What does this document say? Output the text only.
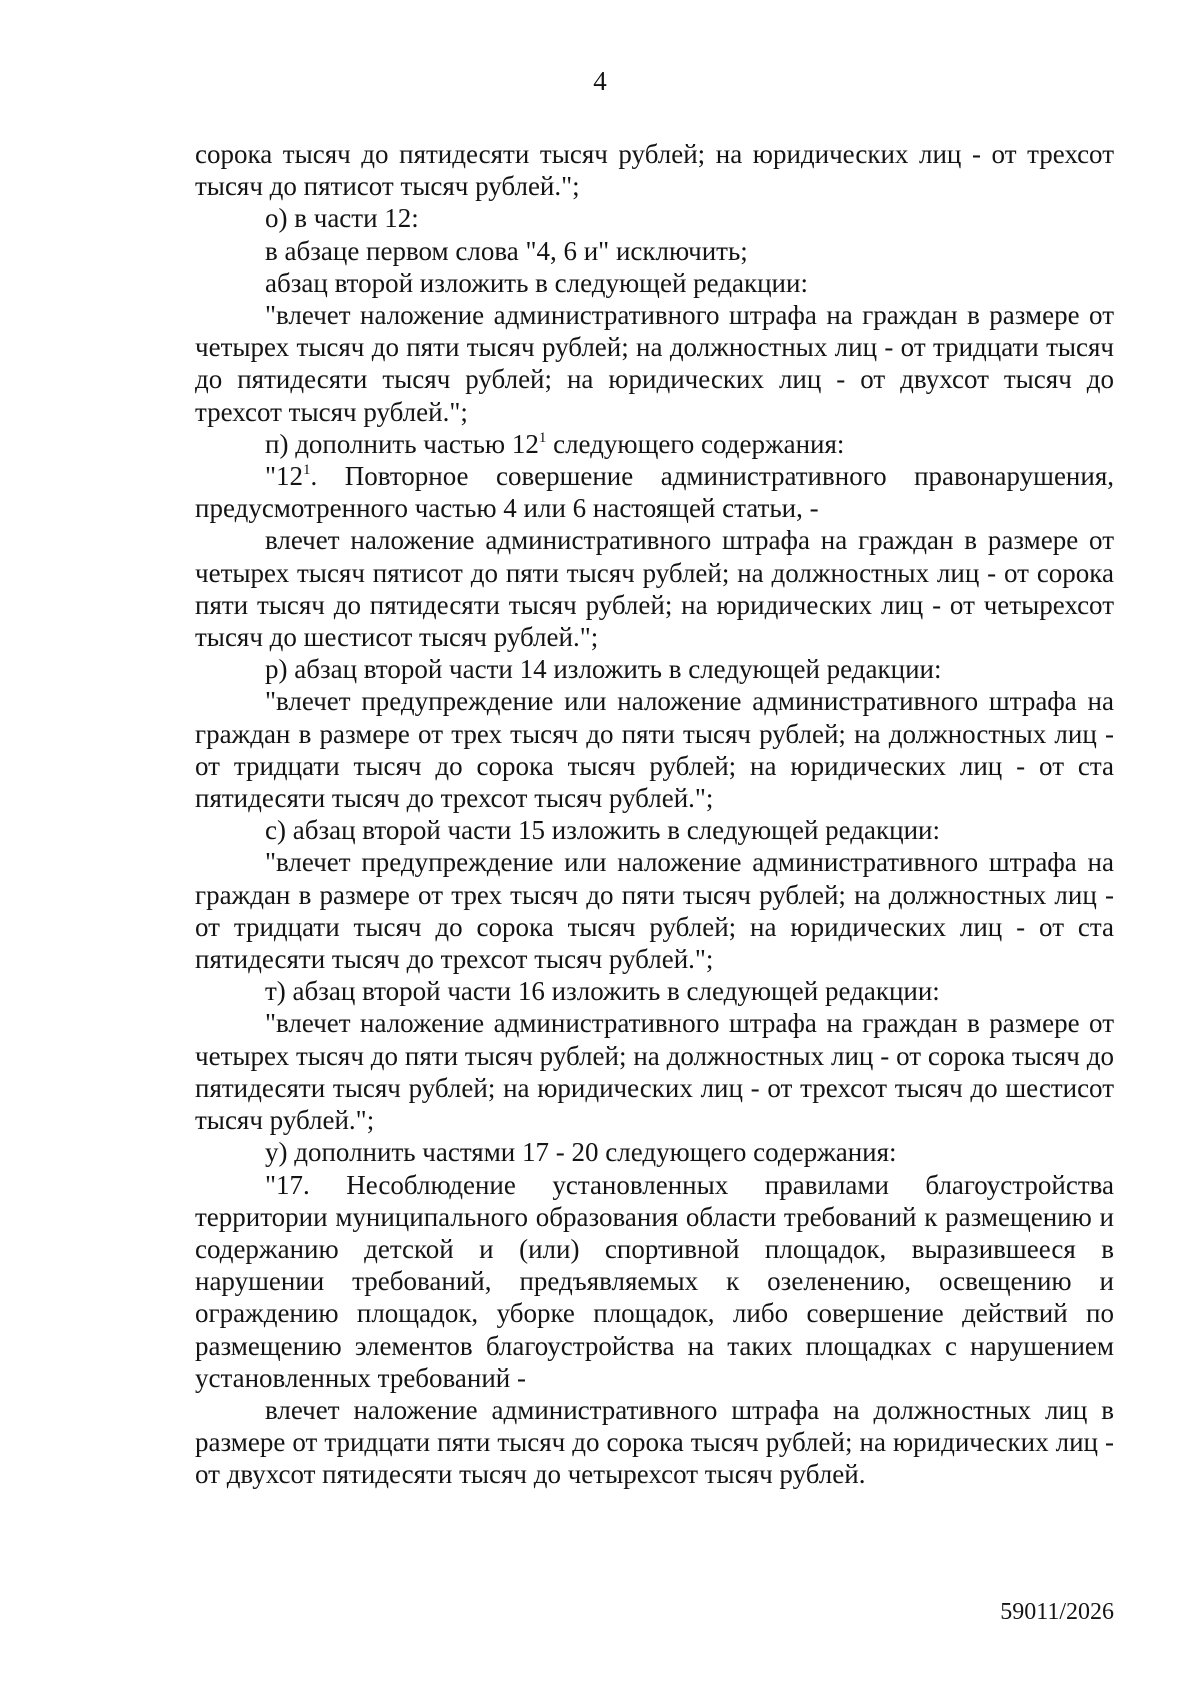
4

сорока тысяч до пятидесяти тысяч рублей; на юридических лиц - от трехсот тысяч до пятисот тысяч рублей.";

о) в части 12:

в абзаце первом слова "4, 6 и" исключить;

абзац второй изложить в следующей редакции:

"влечет наложение административного штрафа на граждан в размере от четырех тысяч до пяти тысяч рублей; на должностных лиц - от тридцати тысяч до пятидесяти тысяч рублей; на юридических лиц - от двухсот тысяч до трехсот тысяч рублей.";

п) дополнить частью $12^1$ следующего содержания:

"$12^1$. Повторное совершение административного правонарушения, предусмотренного частью 4 или 6 настоящей статьи, -

влечет наложение административного штрафа на граждан в размере от четырех тысяч пятисот до пяти тысяч рублей; на должностных лиц - от сорока пяти тысяч до пятидесяти тысяч рублей; на юридических лиц - от четырехсот тысяч до шестисот тысяч рублей.";

р) абзац второй части 14 изложить в следующей редакции:

"влечет предупреждение или наложение административного штрафа на граждан в размере от трех тысяч до пяти тысяч рублей; на должностных лиц - от тридцати тысяч до сорока тысяч рублей; на юридических лиц - от ста пятидесяти тысяч до трехсот тысяч рублей.";

с) абзац второй части 15 изложить в следующей редакции:

"влечет предупреждение или наложение административного штрафа на граждан в размере от трех тысяч до пяти тысяч рублей; на должностных лиц - от тридцати тысяч до сорока тысяч рублей; на юридических лиц - от ста пятидесяти тысяч до трехсот тысяч рублей.";

т) абзац второй части 16 изложить в следующей редакции:

"влечет наложение административного штрафа на граждан в размере от четырех тысяч до пяти тысяч рублей; на должностных лиц - от сорока тысяч до пятидесяти тысяч рублей; на юридических лиц - от трехсот тысяч до шестисот тысяч рублей.";

у) дополнить частями 17 - 20 следующего содержания:

"17. Несоблюдение установленных правилами благоустройства территории муниципального образования области требований к размещению и содержанию детской и (или) спортивной площадок, выразившееся в нарушении требований, предъявляемых к озеленению, освещению и ограждению площадок, уборке площадок, либо совершение действий по размещению элементов благоустройства на таких площадках с нарушением установленных требований -

влечет наложение административного штрафа на должностных лиц в размере от тридцати пяти тысяч до сорока тысяч рублей; на юридических лиц - от двухсот пятидесяти тысяч до четырехсот тысяч рублей.

59011/2026
